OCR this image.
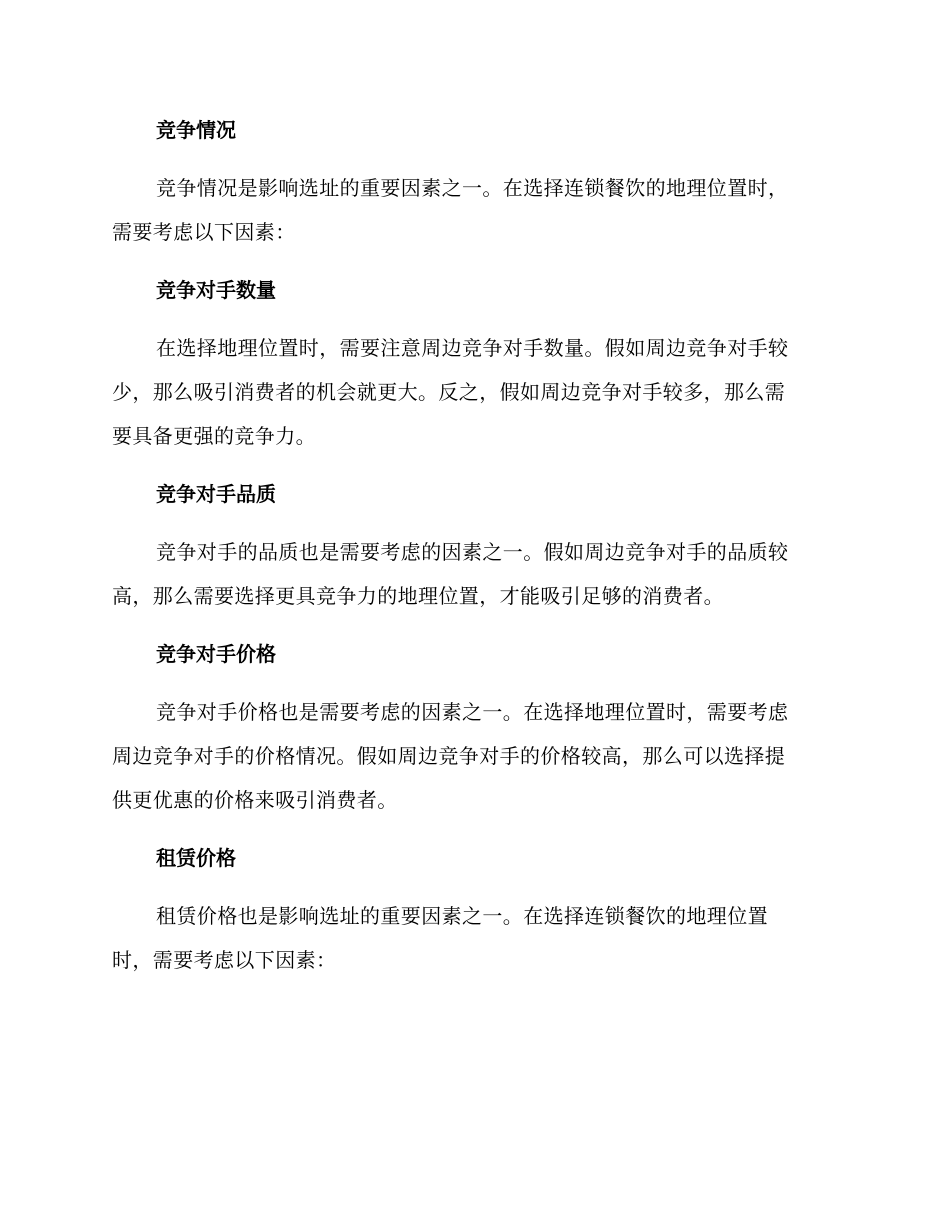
竞争情况
竞争情况是影响选址的重要因素之一。在选择连锁餐饮的地理位置时，
需要考虑以下因素：
竞争对手数量
在选择地理位置时，需要注意周边竞争对手数量。假如周边竞争对手较
少，那么吸引消费者的机会就更大。反之，假如周边竞争对手较多，那么需
要具备更强的竞争力。
竞争对手品质
竞争对手的品质也是需要考虑的因素之一。假如周边竞争对手的品质较
高，那么需要选择更具竞争力的地理位置，才能吸引足够的消费者。
竞争对手价格
竞争对手价格也是需要考虑的因素之一。在选择地理位置时，需要考虑
周边竞争对手的价格情况。假如周边竞争对手的价格较高，那么可以选择提
供更优惠的价格来吸引消费者。
租赁价格
租赁价格也是影响选址的重要因素之一。在选择连锁餐饮的地理位置
时，需要考虑以下因素：
